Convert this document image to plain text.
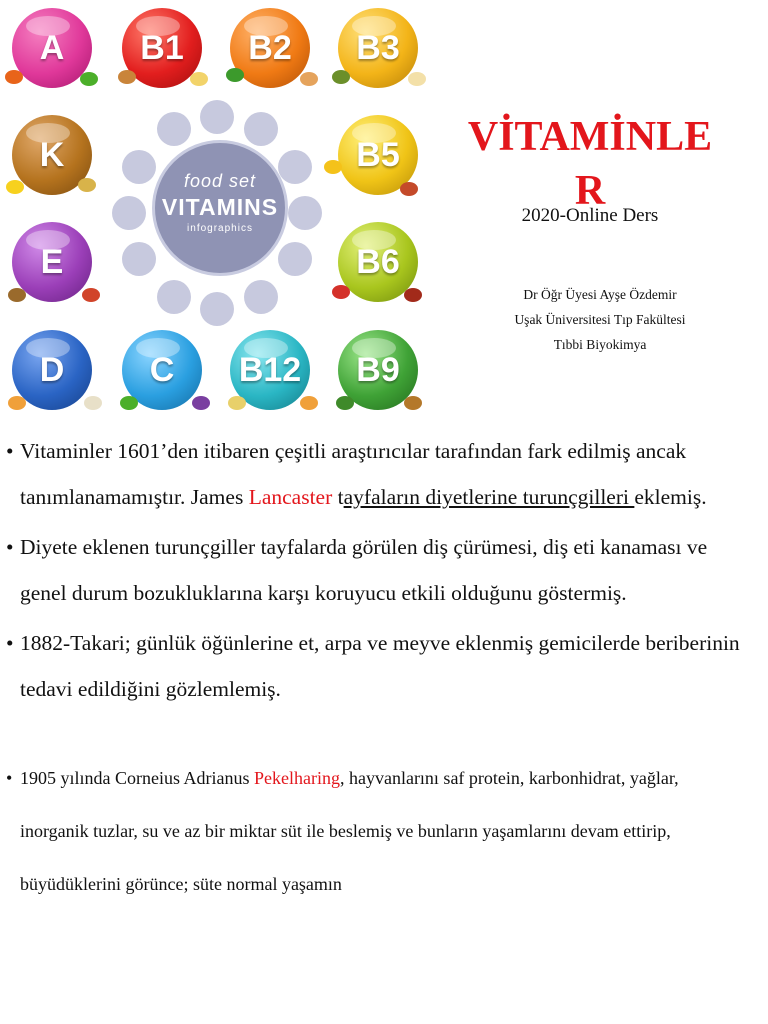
A B1 B2 B3
K	B5
E	B6
D	C B12 B9
food set
VITAMINS
infographics
VİTAMİNLE
R
2020-Online Ders
Dr Öğr Üyesi Ayşe Özdemir
Uşak Üniversitesi Tıp Fakültesi
Tıbbi Biyokimya
• Vitaminler 1601’den itibaren çeşitli araştırıcılar tarafından fark edilmiş ancak tanımlanamamıştır. James Lancaster tayfaların diyetlerine turunçgilleri eklemiş.
• Diyete eklenen turunçgiller tayfalarda görülen diş çürümesi, diş eti kanaması ve genel durum bozukluklarına karşı koruyucu etkili olduğunu göstermiş.
• 1882-Takari; günlük öğünlerine et, arpa ve meyve eklenmiş gemicilerde beriberinin tedavi edildiğini gözlemlemiş.
• 1905 yılında Corneius Adrianus Pekelharing, hayvanlarını saf protein, karbonhidrat, yağlar, inorganik tuzlar, su ve az bir miktar süt ile beslemiş ve bunların yaşamlarını devam ettirip, büyüdüklerini görünce; süte normal yaşamın
